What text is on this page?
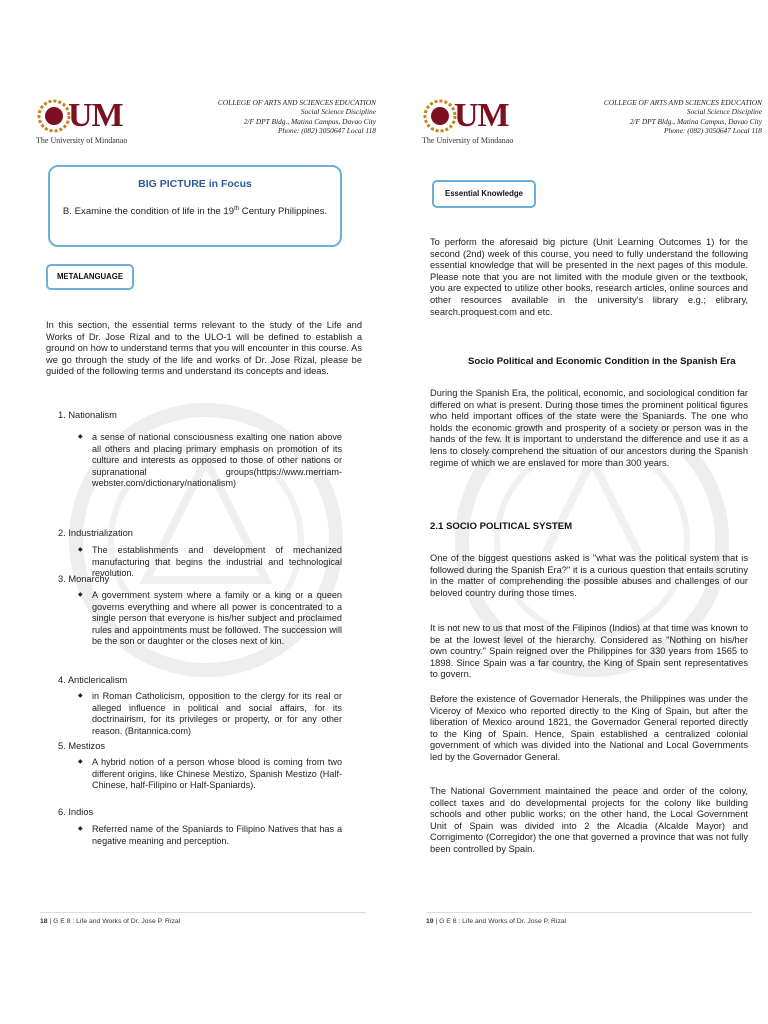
UM
The University of Mindanao
COLLEGE OF ARTS AND SCIENCES EDUCATION
Social Science Discipline
2/F DPT Bldg., Matina Campus, Davao City
Phone: (082) 3050647 Local 118
BIG PICTURE in Focus
B. Examine the condition of life in the 19th Century Philippines.
METALANGUAGE
In this section, the essential terms relevant to the study of the Life and Works of Dr. Jose Rizal and to the ULO-1 will be defined to establish a ground on how to understand terms that you will encounter in this course. As we go through the study of the life and works of Dr. Jose Rizal, please be guided of the following terms and understand its concepts and ideas.
1. Nationalism
◆ a sense of national consciousness exalting one nation above all others and placing primary emphasis on promotion of its culture and interests as opposed to those of other nations or supranational groups(https://www.merriam-webster.com/dictionary/nationalism)
2. Industrialization
◆ The establishments and development of mechanized manufacturing that begins the industrial and technological revolution.
3. Monarchy
◆ A government system where a family or a king or a queen governs everything and where all power is concentrated to a single person that everyone is his/her subject and proclaimed rules and appointments must be followed. The succession will be the son or daughter or the closes next of kin.
4. Anticlericalism
◆ in Roman Catholicism, opposition to the clergy for its real or alleged influence in political and social affairs, for its doctrinairism, for its privileges or property, or for any other reason. (Britannica.com)
5. Mestizos
◆ A hybrid notion of a person whose blood is coming from two different origins, like Chinese Mestizo, Spanish Mestizo (Half-Chinese, half-Filipino or Half-Spaniards).
6. Indios
◆ Referred name of the Spaniards to Filipino Natives that has a negative meaning and perception.
18 | G E 8 : Life and Works of Dr. Jose P. Rizal
UM
The University of Mindanao
COLLEGE OF ARTS AND SCIENCES EDUCATION
Social Science Discipline
2/F DPT Bldg., Matina Campus, Davao City
Phone: (082) 3050647 Local 118
Essential Knowledge
To perform the aforesaid big picture (Unit Learning Outcomes 1) for the second (2nd) week of this course, you need to fully understand the following essential knowledge that will be presented in the next pages of this module. Please note that you are not limited with the module given or the textbook, you are expected to utilize other books, research articles, online sources and other resources available in the university's library e.g.; elibrary, search.proquest.com and etc.
Socio Political and Economic Condition in the Spanish Era
During the Spanish Era, the political, economic, and sociological condition far differed on what is present. During those times the prominent political figures who held important offices of the state were the Spaniards. The one who holds the economic growth and prosperity of a society or person was in the hands of the few. It is important to understand the difference and use it as a lens to closely comprehend the situation of our ancestors during the Spanish regime of which we are enslaved for more than 300 years.
2.1 SOCIO POLITICAL SYSTEM
One of the biggest questions asked is "what was the political system that is followed during the Spanish Era?" it is a curious question that entails scrutiny in the matter of comprehending the possible abuses and challenges of our beloved country during those times.
It is not new to us that most of the Filipinos (Indios) at that time was known to be at the lowest level of the hierarchy. Considered as "Nothing on his/her own country." Spain reigned over the Philippines for 330 years from 1565 to 1898. Since Spain was a far country, the King of Spain sent representatives to govern.
Before the existence of Governador Henerals, the Philippines was under the Viceroy of Mexico who reported directly to the King of Spain, but after the liberation of Mexico around 1821, the Governador General reported directly to the King of Spain. Hence, Spain established a centralized colonial government of which was divided into the National and Local Governments led by the Governador General.
The National Government maintained the peace and order of the colony, collect taxes and do developmental projects for the colony like building schools and other public works; on the other hand, the Local Government Unit of Spain was divided into 2 the Alcadia (Alcalde Mayor) and Corrigimento (Corregidor) the one that governed a province that was not fully been controlled by Spain.
19 | G E 8 : Life and Works of Dr. Jose P. Rizal
